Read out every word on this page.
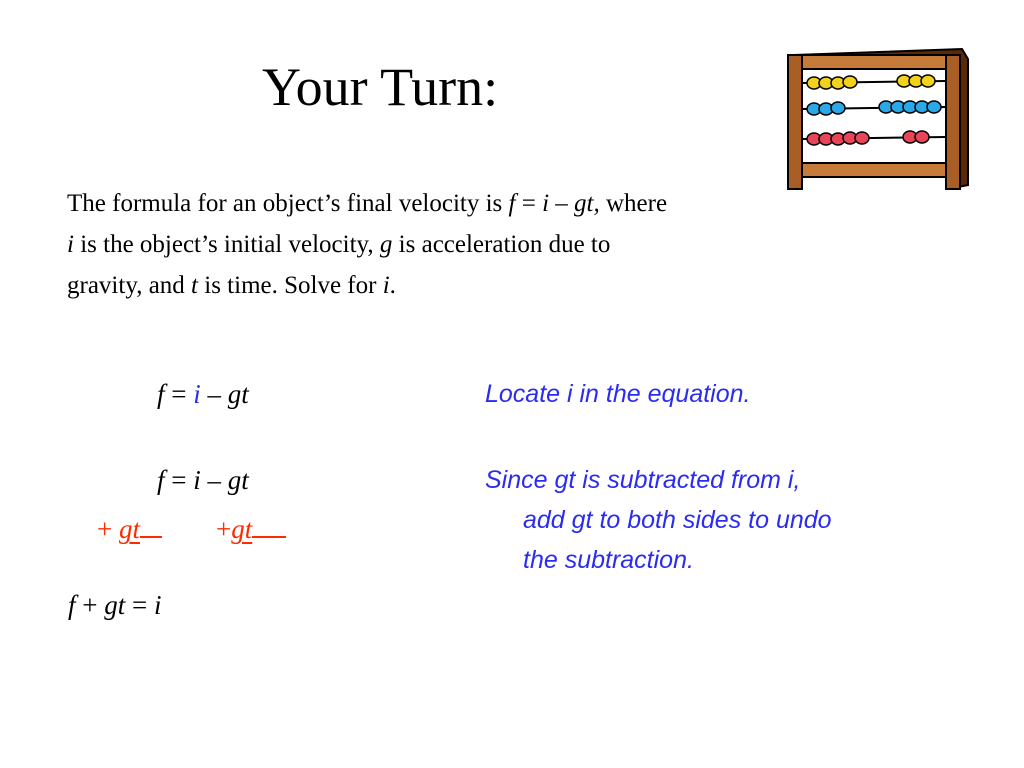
Your Turn:
The formula for an object’s final velocity is f = i – gt, where
i is the object’s initial velocity, g is acceleration due to
gravity, and t is time. Solve for i.
f = i – gt	Locate i in the equation.
f = i – gt
+ gt	+gt
Since gt is subtracted from i,
add gt to both sides to undo
the subtraction.
f + gt = i
